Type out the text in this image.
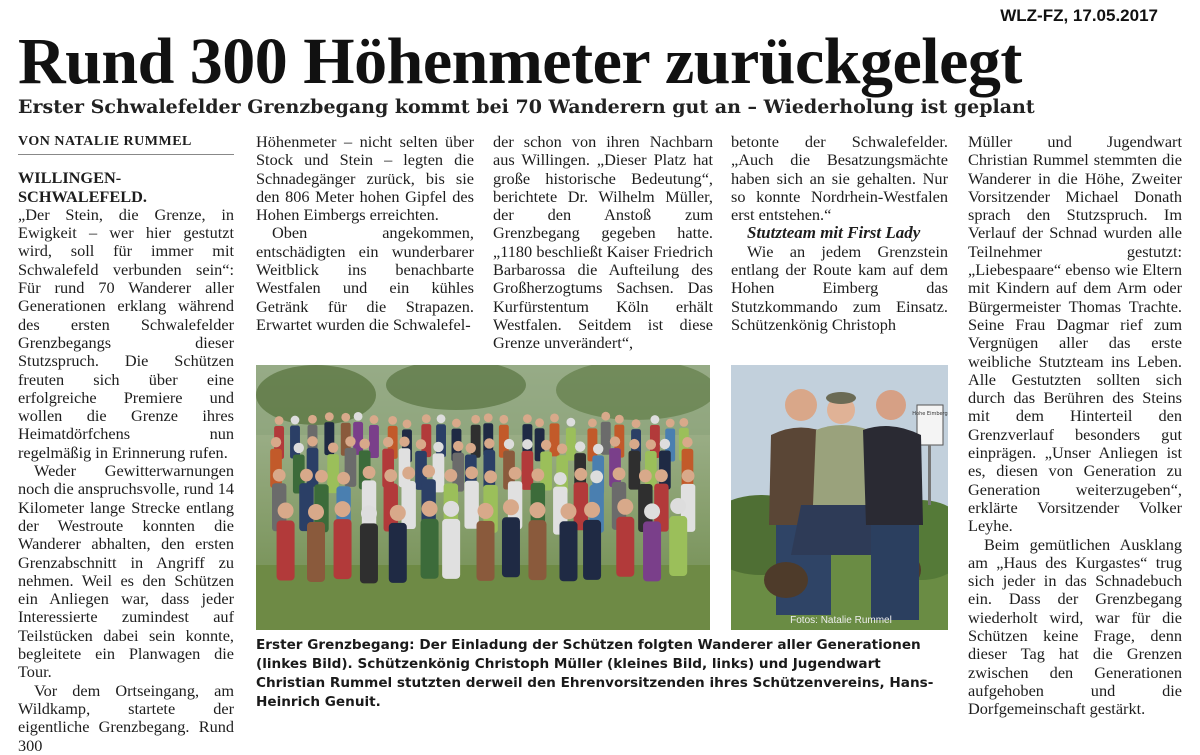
WLZ-FZ, 17.05.2017
Rund 300 Höhenmeter zurückgelegt
Erster Schwalefelder Grenzbegang kommt bei 70 Wanderern gut an – Wiederholung ist geplant
VON NATALIE RUMMEL

WILLINGEN-SCHWALEFELD.
„Der Stein, die Grenze, in Ewigkeit – wer hier gestutzt wird, soll für immer mit Schwalefeld verbunden sein“: Für rund 70 Wanderer aller Generationen erklang während des ersten Schwalefelder Grenzbegangs dieser Stutzspruch. Die Schützen freuten sich über eine erfolgreiche Premiere und wollen die Grenze ihres Heimatdörfchens nun regelmäßig in Erinnerung rufen.

Weder Gewitterwarnungen noch die anspruchsvolle, rund 14 Kilometer lange Strecke entlang der Westroute konnten die Wanderer abhalten, den ersten Grenzabschnitt in Angriff zu nehmen. Weil es den Schützen ein Anliegen war, dass jeder Interessierte zumindest auf Teilstücken dabei sein konnte, begleitete ein Planwagen die Tour.

Vor dem Ortseingang, am Wildkamp, startete der eigentliche Grenzbegang. Rund 300

Höhenmeter – nicht selten über Stock und Stein – legten die Schnadegänger zurück, bis sie den 806 Meter hohen Gipfel des Hohen Eimbergs erreichten.

Oben angekommen, entschädigten ein wunderbarer Weitblick ins benachbarte Westfalen und ein kühles Getränk für die Strapazen. Erwartet wurden die Schwalefel-

der schon von ihren Nachbarn aus Willingen. „Dieser Platz hat große historische Bedeutung“, berichtete Dr. Wilhelm Müller, der den Anstoß zum Grenzbegang gegeben hatte. „1180 beschließt Kaiser Friedrich Barbarossa die Aufteilung des Großherzogtums Sachsen. Das Kurfürstentum Köln erhält Westfalen. Seitdem ist diese Grenze unverändert“,

betonte der Schwalefelder. „Auch die Besatzungsmächte haben sich an sie gehalten. Nur so konnte Nordrhein-Westfalen erst entstehen.“

Stutzteam mit First Lady

Wie an jedem Grenzstein entlang der Route kam auf dem Hohen Eimberg das Stutzkommando zum Einsatz. Schützenkönig Christoph

Müller und Jugendwart Christian Rummel stemmten die Wanderer in die Höhe, Zweiter Vorsitzender Michael Donath sprach den Stutzspruch. Im Verlauf der Schnad wurden alle Teilnehmer gestutzt: „Liebespaare“ ebenso wie Eltern mit Kindern auf dem Arm oder Bürgermeister Thomas Trachte. Seine Frau Dagmar rief zum Vergnügen aller das erste weibliche Stutzteam ins Leben. Alle Gestutzten sollten sich durch das Berühren des Steins mit dem Hinterteil den Grenzverlauf besonders gut einprägen. „Unser Anliegen ist es, diesen von Generation zu Generation weiterzugeben“, erklärte Vorsitzender Volker Leyhe.

Beim gemütlichen Ausklang am „Haus des Kurgastes“ trug sich jeder in das Schnadebuch ein. Dass der Grenzbegang wiederholt wird, war für die Schützen keine Frage, denn dieser Tag hat die Grenzen zwischen den Generationen aufgehoben und die Dorfgemeinschaft gestärkt.

Hohe Eimberg
Fotos: Natalie Rummel
Erster Grenzbegang: Der Einladung der Schützen folgten Wanderer aller Generationen (linkes Bild). Schützenkönig Christoph Müller (kleines Bild, links) und Jugendwart Christian Rummel stutzten derweil den Ehrenvorsitzenden ihres Schützenvereins, Hans-Heinrich Genuit.
